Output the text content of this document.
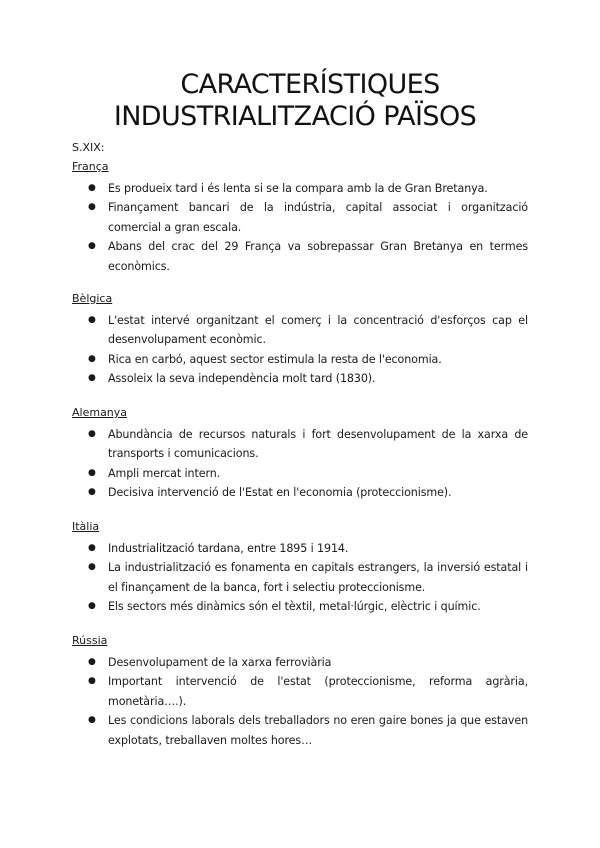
CARACTERÍSTIQUES
INDUSTRIALITZACIÓ PAÏSOS
S.XIX:
França
● Es produeix tard i és lenta si se la compara amb la de Gran Bretanya.
● Finançament bancari de la indústria, capital associat i organització comercial a gran escala.
● Abans del crac del 29 França va sobrepassar Gran Bretanya en termes econòmics.
Bèlgica
● L'estat intervé organitzant el comerç i la concentració d'esforços cap el desenvolupament econòmic.
● Rica en carbó, aquest sector estimula la resta de l'economia.
● Assoleix la seva independència molt tard (1830).
Alemanya
● Abundància de recursos naturals i fort desenvolupament de la xarxa de transports i comunicacions.
● Ampli mercat intern.
● Decisiva intervenció de l'Estat en l'economia (proteccionisme).
Itàlia
● Industrialització tardana, entre 1895 i 1914.
● La industrialització es fonamenta en capitals estrangers, la inversió estatal i el finançament de la banca, fort i selectiu proteccionisme.
● Els sectors més dinàmics són el tèxtil, metal·lúrgic, elèctric i químic.
Rússia
● Desenvolupament de la xarxa ferroviària
● Important intervenció de l'estat (proteccionisme, reforma agrària, monetària….).
● Les condicions laborals dels treballadors no eren gaire bones ja que estaven explotats, treballaven moltes hores…
